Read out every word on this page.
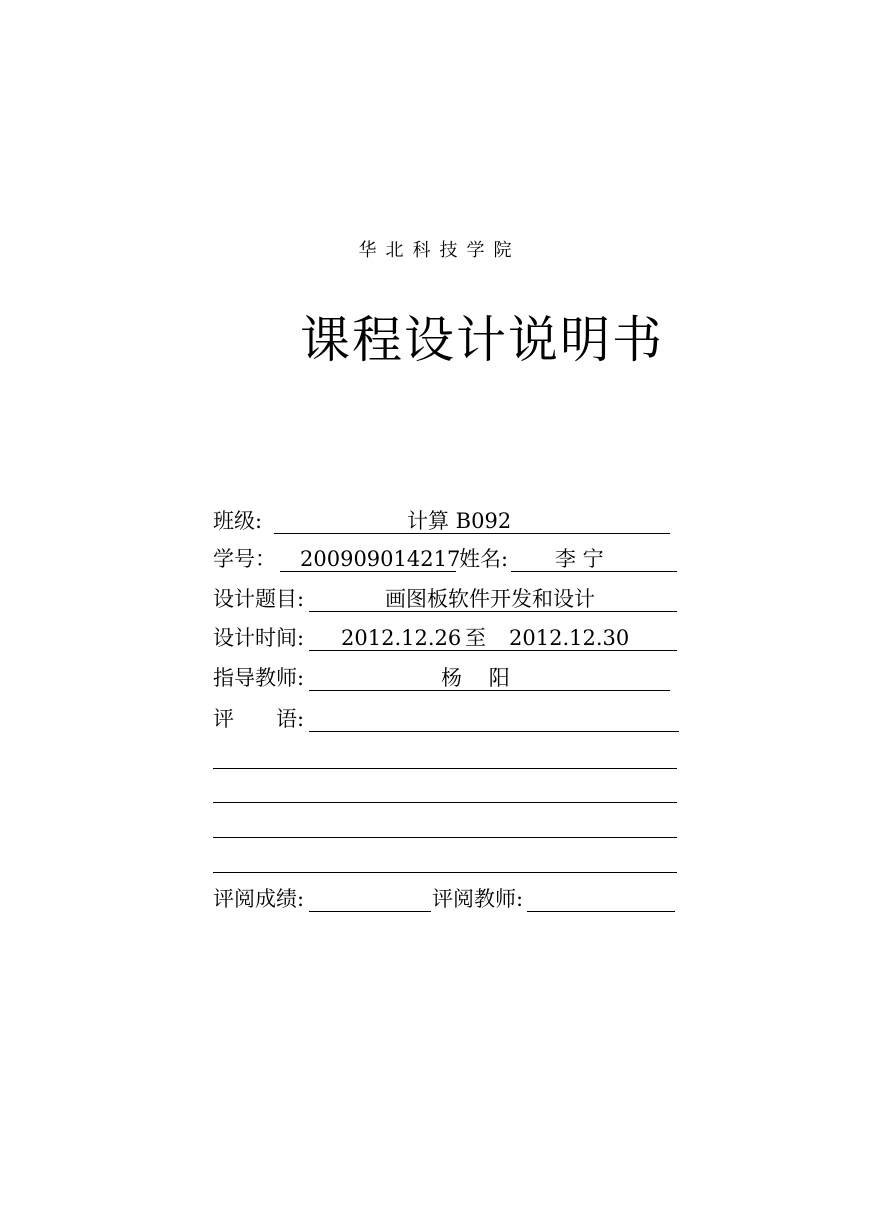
华北科技学院
课程设计说明书
班级:	计算 B092
学号： 200909014217
姓名: 李 宁
设计题目:	画图板软件开发和设计
设计时间: 2012.12.26 至 2012.12.30
指导教师:	杨    阳
评 语:
评阅成绩:	评阅教师:
